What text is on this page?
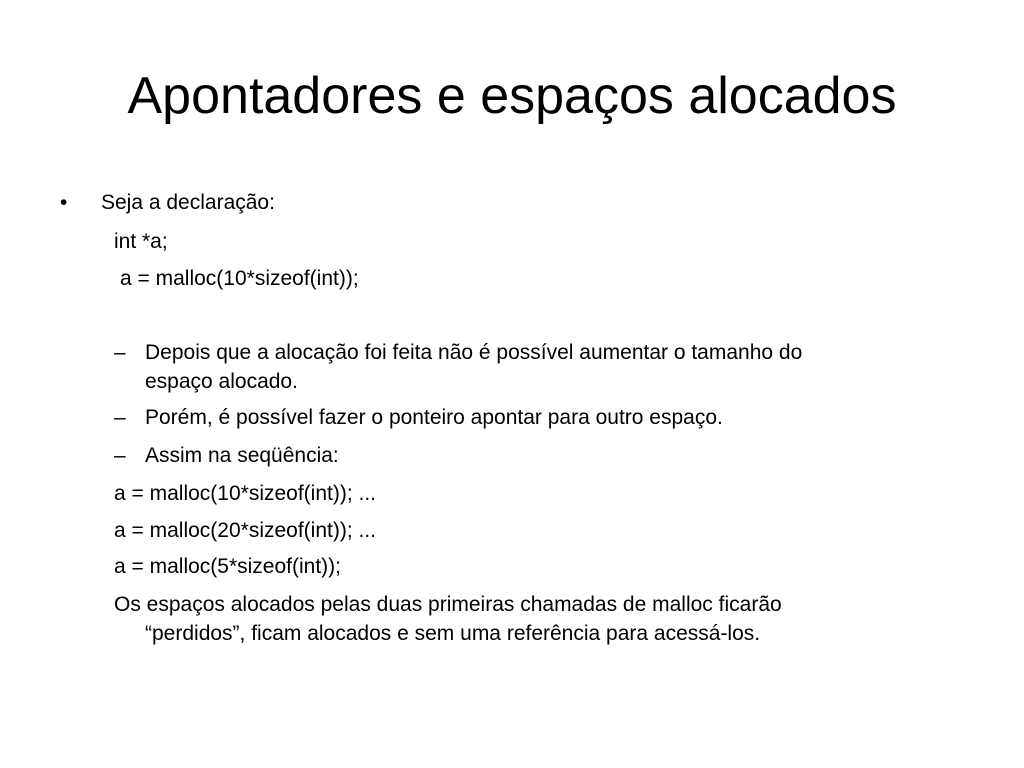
Apontadores e espaços alocados
• Seja a declaração:
int *a;
a = malloc(10*sizeof(int));
– Depois que a alocação foi feita não é possível aumentar o tamanho do
espaço alocado.
– Porém, é possível fazer o ponteiro apontar para outro espaço.
– Assim na seqüência:
a = malloc(10*sizeof(int)); ...
a = malloc(20*sizeof(int)); ...
a = malloc(5*sizeof(int));
Os espaços alocados pelas duas primeiras chamadas de malloc ficarão
“perdidos”, ficam alocados e sem uma referência para acessá-los.
